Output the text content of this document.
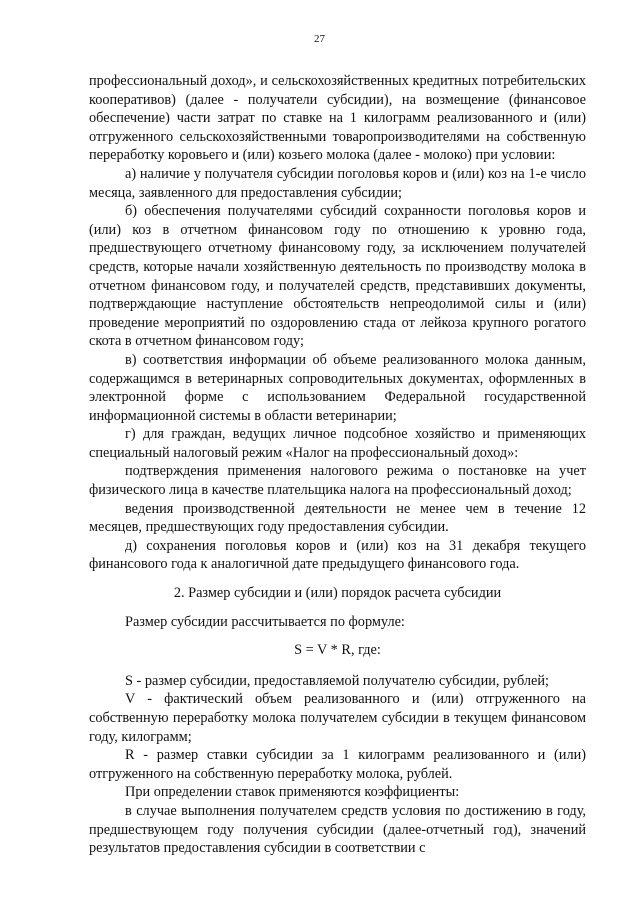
27

профессиональный доход», и сельскохозяйственных кредитных потребительских кооперативов) (далее - получатели субсидии), на возмещение (финансовое обеспечение) части затрат по ставке на 1 килограмм реализованного и (или) отгруженного сельскохозяйственными товаропроизводителями на собственную переработку коровьего и (или) козьего молока (далее - молоко) при условии:

а) наличие у получателя субсидии поголовья коров и (или) коз на 1-е число месяца, заявленного для предоставления субсидии;

б) обеспечения получателями субсидий сохранности поголовья коров и (или) коз в отчетном финансовом году по отношению к уровню года, предшествующего отчетному финансовому году, за исключением получателей средств, которые начали хозяйственную деятельность по производству молока в отчетном финансовом году, и получателей средств, представивших документы, подтверждающие наступление обстоятельств непреодолимой силы и (или) проведение мероприятий по оздоровлению стада от лейкоза крупного рогатого скота в отчетном финансовом году;

в) соответствия информации об объеме реализованного молока данным, содержащимся в ветеринарных сопроводительных документах, оформленных в электронной форме с использованием Федеральной государственной информационной системы в области ветеринарии;

г) для граждан, ведущих личное подсобное хозяйство и применяющих специальный налоговый режим «Налог на профессиональный доход»:

подтверждения применения налогового режима о постановке на учет физического лица в качестве плательщика налога на профессиональный доход;

ведения производственной деятельности не менее чем в течение 12 месяцев, предшествующих году предоставления субсидии.

д) сохранения поголовья коров и (или) коз на 31 декабря текущего финансового года к аналогичной дате предыдущего финансового года.

2. Размер субсидии и (или) порядок расчета субсидии

Размер субсидии рассчитывается по формуле:

S = V * R, где:

S - размер субсидии, предоставляемой получателю субсидии, рублей;

V - фактический объем реализованного и (или) отгруженного на собственную переработку молока получателем субсидии в текущем финансовом году, килограмм;

R - размер ставки субсидии за 1 килограмм реализованного и (или) отгруженного на собственную переработку молока, рублей.

При определении ставок применяются коэффициенты:

в случае выполнения получателем средств условия по достижению в году, предшествующем году получения субсидии (далее-отчетный год), значений результатов предоставления субсидии в соответствии с
